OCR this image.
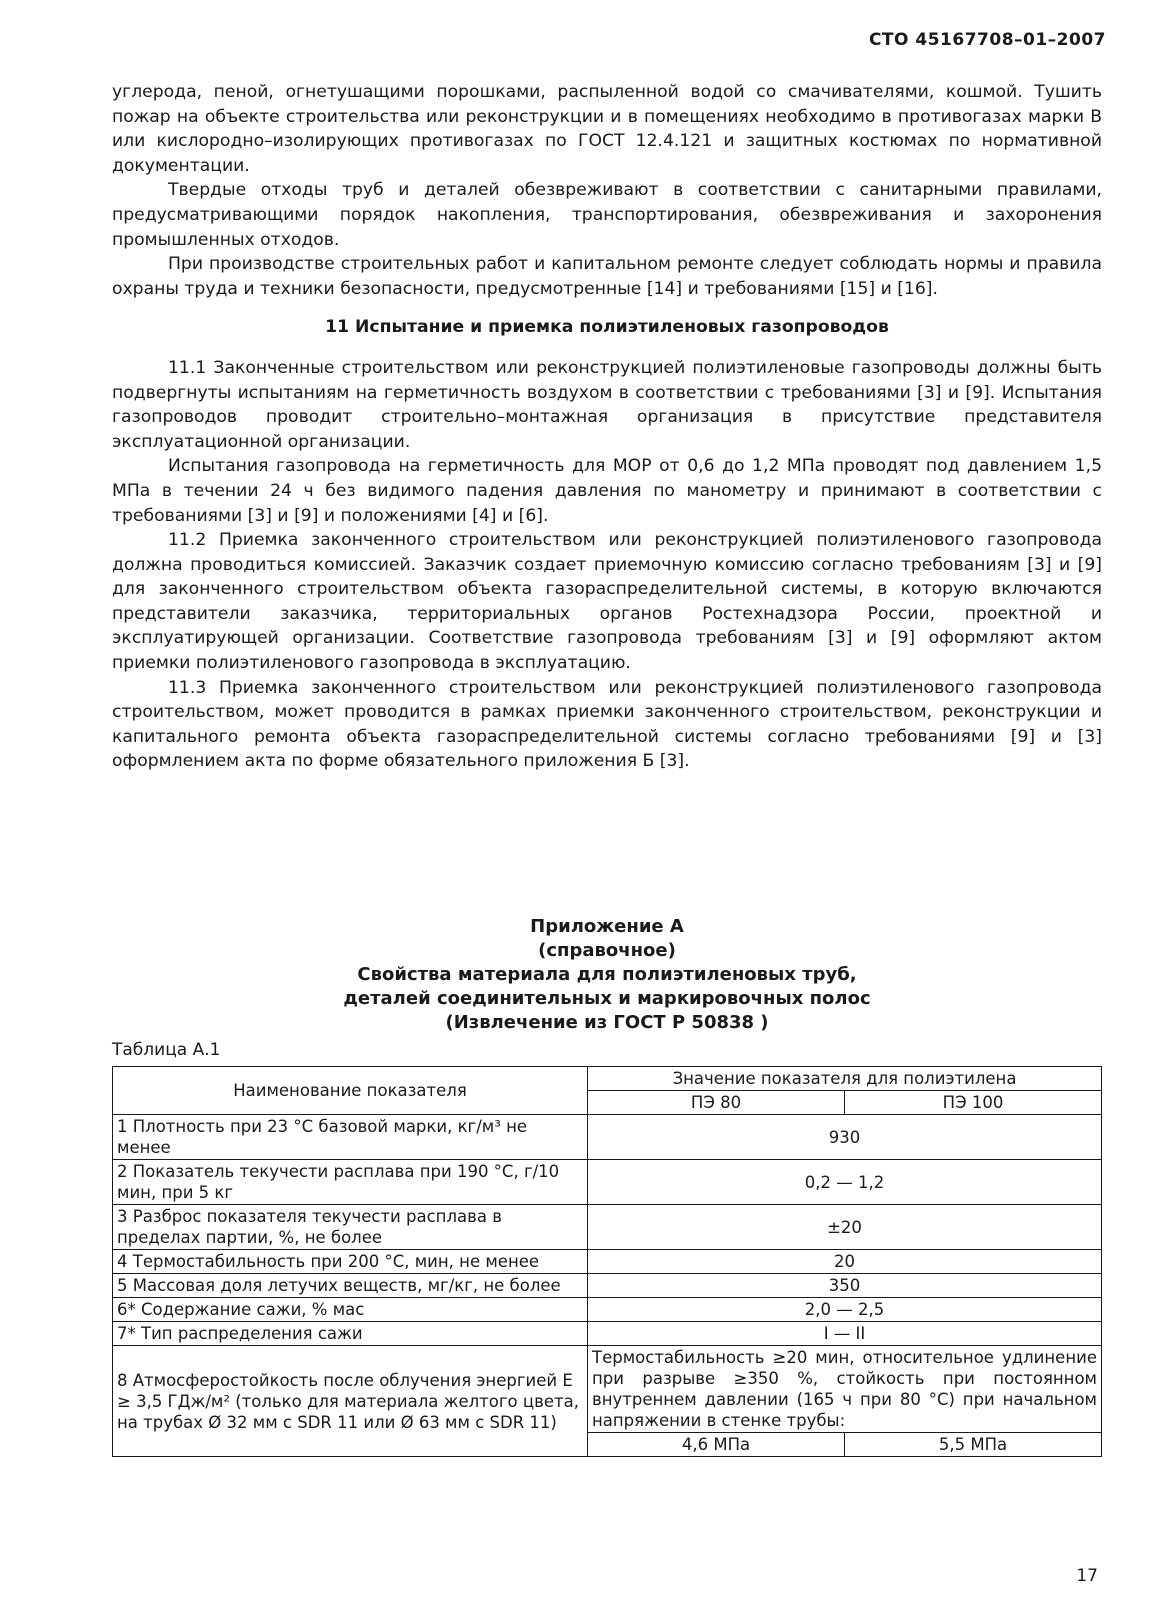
СТО 45167708–01–2007

углерода, пеной, огнетушащими порошками, распыленной водой со смачивателями, кошмой. Тушить пожар на объекте строительства или реконструкции и в помещениях необходимо в противогазах марки В или кислородно–изолирующих противогазах по ГОСТ 12.4.121 и защитных костюмах по нормативной документации.

Твердые отходы труб и деталей обезвреживают в соответствии с санитарными правилами, предусматривающими порядок накопления, транспортирования, обезвреживания и захоронения промышленных отходов.

При производстве строительных работ и капитальном ремонте следует соблюдать нормы и правила охраны труда и техники безопасности, предусмотренные [14] и требованиями [15] и [16].

11 Испытание и приемка полиэтиленовых газопроводов

11.1 Законченные строительством или реконструкцией полиэтиленовые газопроводы должны быть подвергнуты испытаниям на герметичность воздухом в соответствии с требованиями [3] и [9]. Испытания газопроводов проводит строительно–монтажная организация в присутствие представителя эксплуатационной организации.

Испытания газопровода на герметичность для МОР от 0,6 до 1,2 МПа проводят под давлением 1,5 МПа в течении 24 ч без видимого падения давления по манометру и принимают в соответствии с требованиями [3] и [9] и положениями [4] и [6].

11.2 Приемка законченного строительством или реконструкцией полиэтиленового газопровода должна проводиться комиссией. Заказчик создает приемочную комиссию согласно требованиям [3] и [9] для законченного строительством объекта газораспределительной системы, в которую включаются представители заказчика, территориальных органов Ростехнадзора России, проектной и эксплуатирующей организации. Соответствие газопровода требованиям [3] и [9] оформляют актом приемки полиэтиленового газопровода в эксплуатацию.

11.3 Приемка законченного строительством или реконструкцией полиэтиленового газопровода строительством, может проводится в рамках приемки законченного строительством, реконструкции и капитального ремонта объекта газораспределительной системы согласно требованиями [9] и [3] оформлением акта по форме обязательного приложения Б [3].

Приложение А
(справочное)
Свойства материала для полиэтиленовых труб,
деталей соединительных и маркировочных полос
(Извлечение из ГОСТ Р 50838 )
Таблица А.1
Наименование показателя	Значение показателя для полиэтилена	
	ПЭ 80	ПЭ 100
1 Плотность при 23 °С базовой марки, кг/м³ не менее	930	
2 Показатель текучести расплава при 190 °С, г/10 мин, при 5 кг	0,2 — 1,2	
3 Разброс показателя текучести расплава в пределах партии, %, не более	±20	
4 Термостабильность при 200 °С, мин, не менее	20	
5 Массовая доля летучих веществ, мг/кг, не более	350	
6* Содержание сажи, % мас	2,0 — 2,5	
7* Тип распределения сажи	I — II	
8 Атмосферостойкость после облучения энергией Е ≥ 3,5 ГДж/м² (только для материала желтого цвета, на трубах Ø 32 мм с SDR 11 или Ø 63 мм с SDR 11)	Термостабильность ≥20 мин, относительное удлинение при разрыве ≥350 %, стойкость при постоянном внутреннем давлении (165 ч при 80 °С) при начальном напряжении в стенке трубы:	
	4,6 МПа	5,5 МПа
17
